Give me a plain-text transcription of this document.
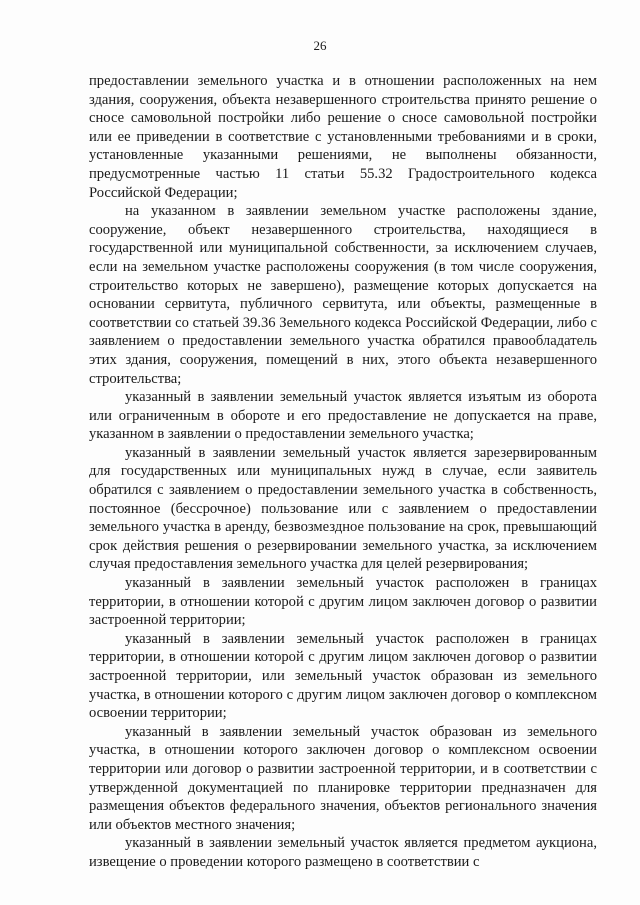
26

предоставлении земельного участка и в отношении расположенных на нем здания, сооружения, объекта незавершенного строительства принято решение о сносе самовольной постройки либо решение о сносе самовольной постройки или ее приведении в соответствие с установленными требованиями и в сроки, установленные указанными решениями, не выполнены обязанности, предусмотренные частью 11 статьи 55.32 Градостроительного кодекса Российской Федерации;

на указанном в заявлении земельном участке расположены здание, сооружение, объект незавершенного строительства, находящиеся в государственной или муниципальной собственности, за исключением случаев, если на земельном участке расположены сооружения (в том числе сооружения, строительство которых не завершено), размещение которых допускается на основании сервитута, публичного сервитута, или объекты, размещенные в соответствии со статьей 39.36 Земельного кодекса Российской Федерации, либо с заявлением о предоставлении земельного участка обратился правообладатель этих здания, сооружения, помещений в них, этого объекта незавершенного строительства;

указанный в заявлении земельный участок является изъятым из оборота или ограниченным в обороте и его предоставление не допускается на праве, указанном в заявлении о предоставлении земельного участка;

указанный в заявлении земельный участок является зарезервированным для государственных или муниципальных нужд в случае, если заявитель обратился с заявлением о предоставлении земельного участка в собственность, постоянное (бессрочное) пользование или с заявлением о предоставлении земельного участка в аренду, безвозмездное пользование на срок, превышающий срок действия решения о резервировании земельного участка, за исключением случая предоставления земельного участка для целей резервирования;

указанный в заявлении земельный участок расположен в границах территории, в отношении которой с другим лицом заключен договор о развитии застроенной территории;

указанный в заявлении земельный участок расположен в границах территории, в отношении которой с другим лицом заключен договор о развитии застроенной территории, или земельный участок образован из земельного участка, в отношении которого с другим лицом заключен договор о комплексном освоении территории;

указанный в заявлении земельный участок образован из земельного участка, в отношении которого заключен договор о комплексном освоении территории или договор о развитии застроенной территории, и в соответствии с утвержденной документацией по планировке территории предназначен для размещения объектов федерального значения, объектов регионального значения или объектов местного значения;

указанный в заявлении земельный участок является предметом аукциона, извещение о проведении которого размещено в соответствии с
